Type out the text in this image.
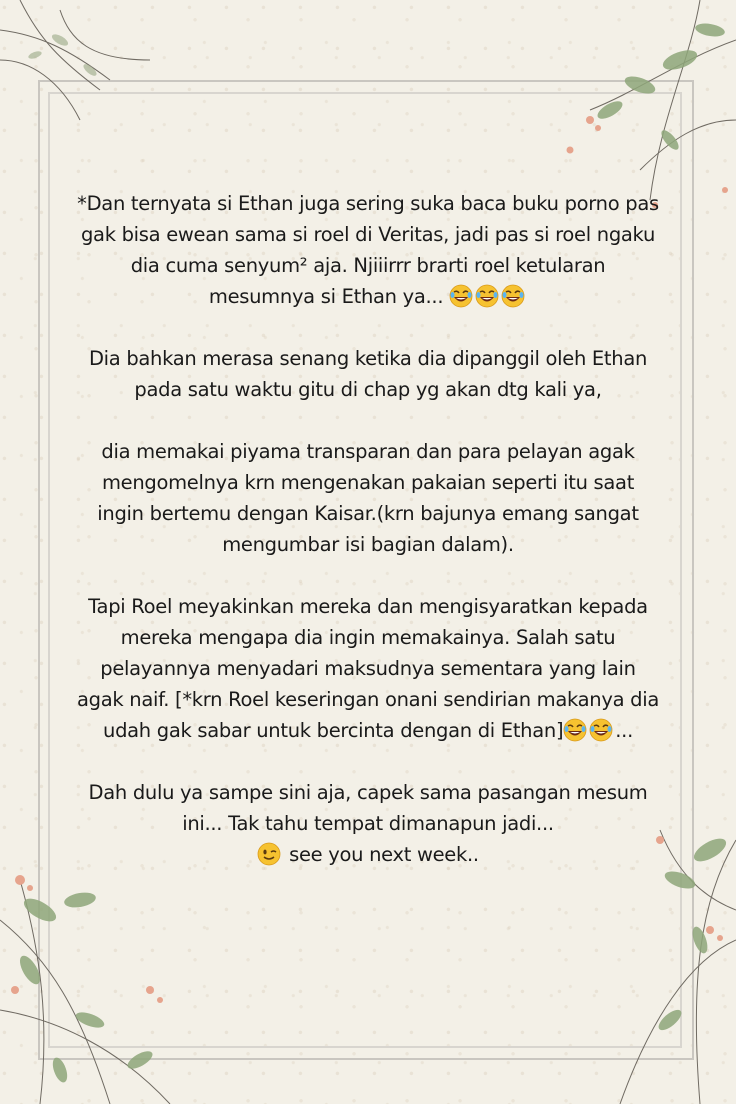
*Dan ternyata si Ethan juga sering suka baca buku porno pas gak bisa ewean sama si roel di Veritas, jadi pas si roel ngaku dia cuma senyum² aja. Njiiirrr brarti roel ketularan mesumnya si Ethan ya...

Dia bahkan merasa senang ketika dia dipanggil oleh Ethan pada satu waktu gitu di chap yg akan dtg kali ya,

dia memakai piyama transparan dan para pelayan agak mengomelnya krn mengenakan pakaian seperti itu saat ingin bertemu dengan Kaisar.(krn bajunya emang sangat mengumbar isi bagian dalam).

Tapi Roel meyakinkan mereka dan mengisyaratkan kepada mereka mengapa dia ingin memakainya. Salah satu pelayannya menyadari maksudnya sementara yang lain agak naif. [*krn Roel keseringan onani sendirian makanya dia udah gak sabar untuk bercinta dengan di Ethan]	...

Dah dulu ya sampe sini aja, capek sama pasangan mesum ini... Tak tahu tempat dimanapun jadi...
see you next week..
